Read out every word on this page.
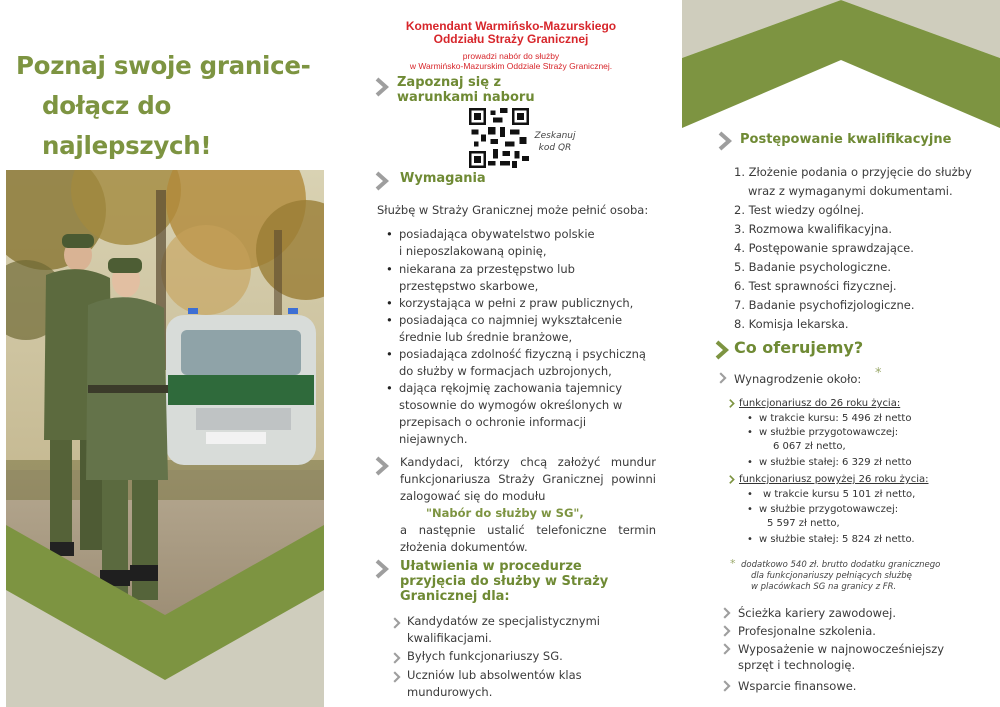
Poznaj swoje granice-
dołącz do najlepszych!
Komendant Warmińsko-Mazurskiego
Oddziału Straży Granicznej
prowadzi nabór do służby
w Warmińsko-Mazurskim Oddziale Straży Granicznej.
Zapoznaj się z
warunkami naboru
Zeskanuj
kod QR
Wymagania
Służbę w Straży Granicznej może pełnić osoba:
• posiadająca obywatelstwo polskie
i nieposzlakowaną opinię,
• niekarana za przestępstwo lub
przestępstwo skarbowe,
• korzystająca w pełni z praw publicznych,
• posiadająca co najmniej wykształcenie
średnie lub średnie branżowe,
• posiadająca zdolność fizyczną i psychiczną
do służby w formacjach uzbrojonych,
• dająca rękojmię zachowania tajemnicy
stosownie do wymogów określonych w
przepisach o ochronie informacji
niejawnych.
Kandydaci, którzy chcą założyć mundur
funkcjonariusza Straży Granicznej powinni
zalogować się do modułu
"Nabór do służby w SG",
a następnie ustalić telefoniczne termin
złożenia dokumentów.
Ułatwienia w procedurze
przyjęcia do służby w Straży
Granicznej dla:
Kandydatów ze specjalistycznymi
kwalifikacjami.
Byłych funkcjonariuszy SG.
Uczniów lub absolwentów klas
mundurowych.
Postępowanie kwalifikacyjne
1. Złożenie podania o przyjęcie do służby
wraz z wymaganymi dokumentami.
2. Test wiedzy ogólnej.
3. Rozmowa kwalifikacyjna.
4. Postępowanie sprawdzające.
5. Badanie psychologiczne.
6. Test sprawności fizycznej.
7. Badanie psychofizjologiczne.
8. Komisja lekarska.
Co oferujemy?
Wynagrodzenie około: *
funkcjonariusz do 26 roku życia:
• w trakcie kursu: 5 496 zł netto
• w służbie przygotowawczej:
6 067 zł netto,
• w służbie stałej: 6 329 zł netto
funkcjonariusz powyżej 26 roku życia:
• w trakcie kursu 5 101 zł netto,
• w służbie przygotowawczej:
5 597 zł netto,
• w służbie stałej: 5 824 zł netto.
* dodatkowo 540 zł. brutto dodatku granicznego
dla funkcjonariuszy pełniących służbę
w placówkach SG na granicy z FR.
Ścieżka kariery zawodowej.
Profesjonalne szkolenia.
Wyposażenie w najnowocześniejszy
sprzęt i technologię.
Wsparcie finansowe.
